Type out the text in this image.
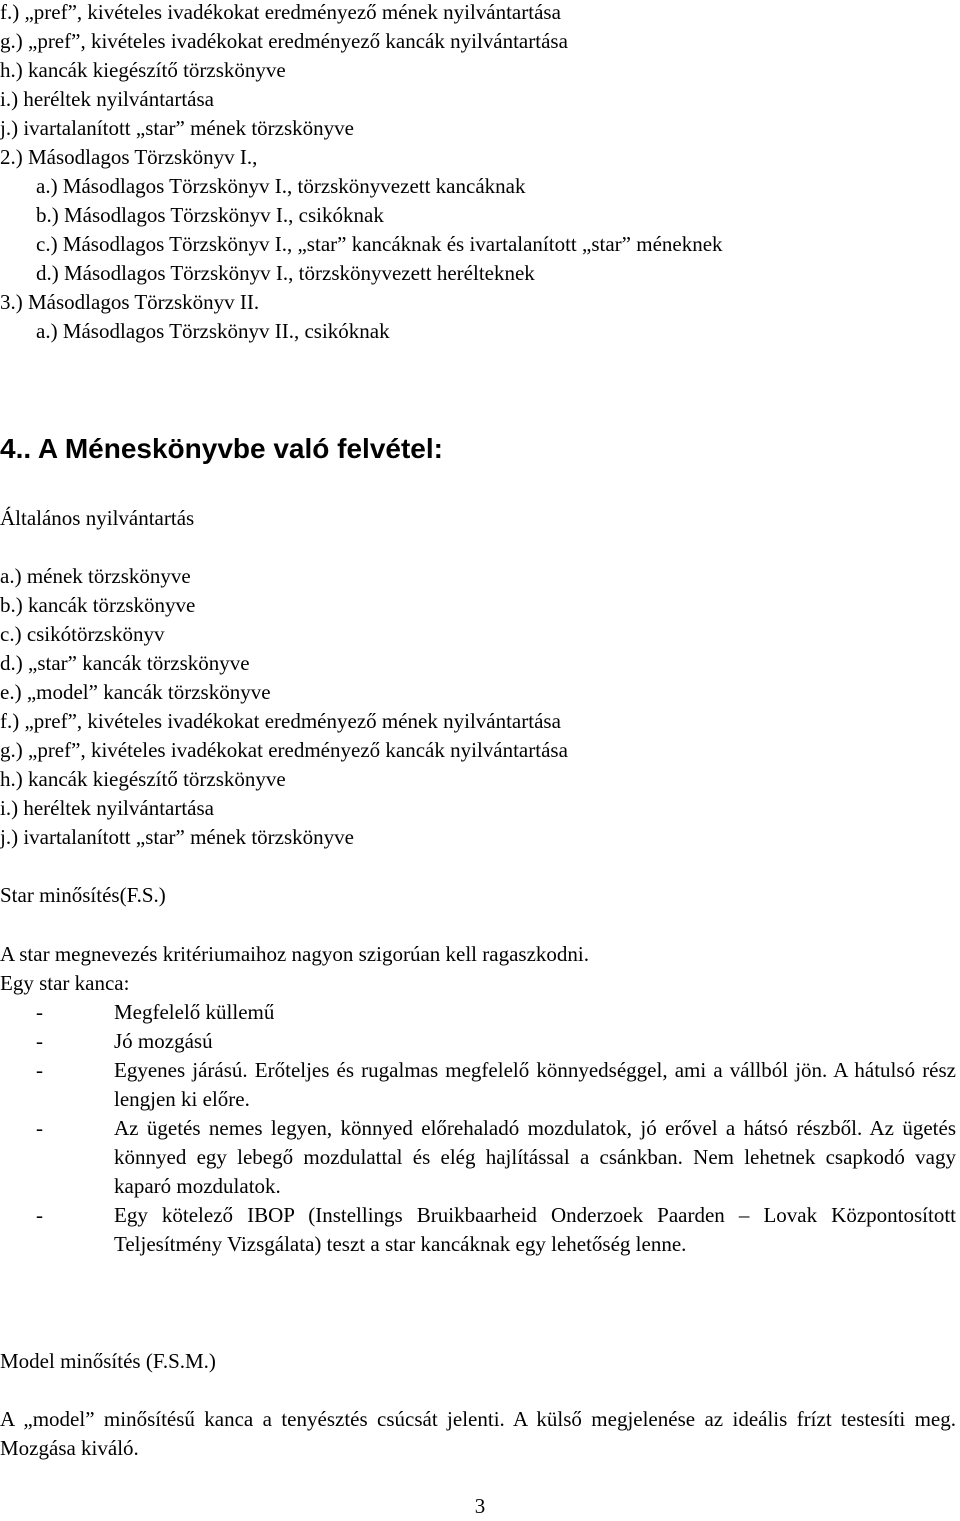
f.) „pref”, kivételes ivadékokat eredményező mének nyilvántartása
g.) „pref”, kivételes ivadékokat eredményező kancák nyilvántartása
h.) kancák kiegészítő törzskönyve
i.) heréltek nyilvántartása
j.) ivartalanított „star” mének törzskönyve
2.) Másodlagos Törzskönyv I.,
a.) Másodlagos Törzskönyv I., törzskönyvezett kancáknak
b.) Másodlagos Törzskönyv I., csikóknak
c.) Másodlagos Törzskönyv I., „star” kancáknak és ivartalanított „star” méneknek
d.) Másodlagos Törzskönyv I., törzskönyvezett herélteknek
3.) Másodlagos Törzskönyv II.
a.) Másodlagos Törzskönyv II., csikóknak
4.. A Méneskönyvbe való felvétel:
Általános nyilvántartás
a.) mének törzskönyve
b.) kancák törzskönyve
c.) csikótörzskönyv
d.) „star” kancák törzskönyve
e.) „model” kancák törzskönyve
f.) „pref”, kivételes ivadékokat eredményező mének nyilvántartása
g.) „pref”, kivételes ivadékokat eredményező kancák nyilvántartása
h.) kancák kiegészítő törzskönyve
i.) heréltek nyilvántartása
j.) ivartalanított „star” mének törzskönyve
Star minősítés(F.S.)
A star megnevezés kritériumaihoz nagyon szigorúan kell ragaszkodni.
Egy star kanca:
-	Megfelelő küllemű
-	Jó mozgású
-	Egyenes járású. Erőteljes és rugalmas megfelelő könnyedséggel, ami a vállból jön. A hátulsó rész lengjen ki előre.
-	Az ügetés nemes legyen, könnyed előrehaladó mozdulatok, jó erővel a hátsó részből. Az ügetés könnyed egy lebegő mozdulattal és elég hajlítással a csánkban. Nem lehetnek csapkodó vagy kaparó mozdulatok.
-	Egy kötelező IBOP (Instellings Bruikbaarheid Onderzoek Paarden – Lovak Központosított Teljesítmény Vizsgálata) teszt a star kancáknak egy lehetőség lenne.
Model minősítés (F.S.M.)
A „model” minősítésű kanca a tenyésztés csúcsát jelenti. A külső megjelenése az ideális frízt testesíti meg. Mozgása kiváló.
3
